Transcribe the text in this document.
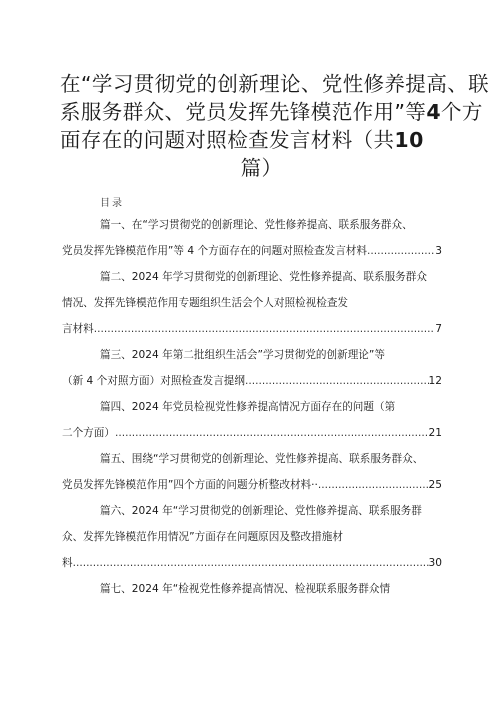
在“学习贯彻党的创新理论、党性修养提高、联
系服务群众、党员发挥先锋模范作用”等4个方
面存在的问题对照检查发言材料（共10
篇）
目录
篇一、在“学习贯彻党的创新理论、党性修养提高、联系服务群众、
党员发挥先锋模范作用”等 4 个方面存在的问题对照检查发言材料 .....	3
篇二、2024 年学习贯彻党的创新理论、党性修养提高、联系服务群众
情况、发挥先锋模范作用专题组织生活会个人对照检视检查发
言材料 .....	7
篇三、2024 年第二批组织生活会”学习贯彻党的创新理论”等
（新 4 个对照方面）对照检查发言提纲 .....	12
篇四、2024 年党员检视党性修养提高情况方面存在的问题（第
二个方面） .....	21
篇五、围绕“学习贯彻党的创新理论、党性修养提高、联系服务群众、
党员发挥先锋模范作用”四个方面的问题分析整改材料·· .....	25
篇六、2024 年“学习贯彻党的创新理论、党性修养提高、联系服务群
众、发挥先锋模范作用情况”方面存在问题原因及整改措施材
料 .....	30
篇七、2024 年“检视党性修养提高情况、检视联系服务群众情
